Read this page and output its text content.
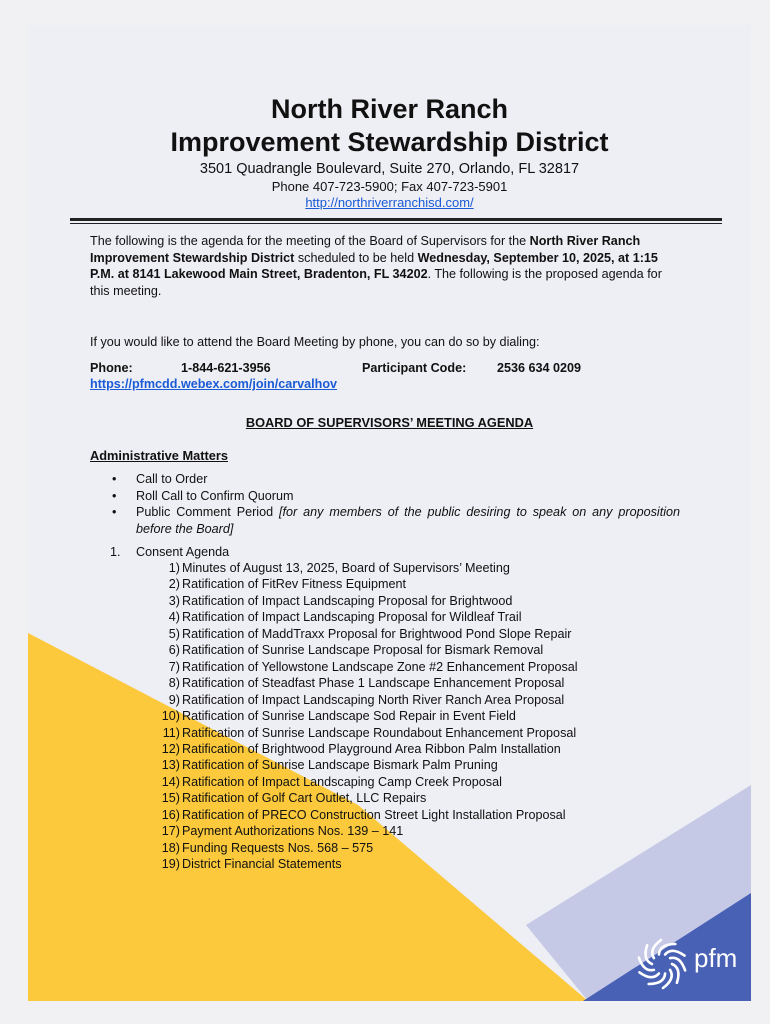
North River Ranch
Improvement Stewardship District
3501 Quadrangle Boulevard, Suite 270, Orlando, FL 32817
Phone 407-723-5900; Fax 407-723-5901
http://northriverranchisd.com/
The following is the agenda for the meeting of the Board of Supervisors for the North River Ranch Improvement Stewardship District scheduled to be held Wednesday, September 10, 2025, at 1:15 P.M. at 8141 Lakewood Main Street, Bradenton, FL 34202. The following is the proposed agenda for this meeting.
If you would like to attend the Board Meeting by phone, you can do so by dialing:
Phone:	1-844-621-3956	Participant Code: 2536 634 0209
https://pfmcdd.webex.com/join/carvalhov
BOARD OF SUPERVISORS’ MEETING AGENDA
Administrative Matters
• Call to Order
• Roll Call to Confirm Quorum
• Public Comment Period [for any members of the public desiring to speak on any proposition before the Board]
1. Consent Agenda
1) Minutes of August 13, 2025, Board of Supervisors’ Meeting
2) Ratification of FitRev Fitness Equipment
3) Ratification of Impact Landscaping Proposal for Brightwood
4) Ratification of Impact Landscaping Proposal for Wildleaf Trail
5) Ratification of MaddTraxx Proposal for Brightwood Pond Slope Repair
6) Ratification of Sunrise Landscape Proposal for Bismark Removal
7) Ratification of Yellowstone Landscape Zone #2 Enhancement Proposal
8) Ratification of Steadfast Phase 1 Landscape Enhancement Proposal
9) Ratification of Impact Landscaping North River Ranch Area Proposal
10) Ratification of Sunrise Landscape Sod Repair in Event Field
11) Ratification of Sunrise Landscape Roundabout Enhancement Proposal
12) Ratification of Brightwood Playground Area Ribbon Palm Installation
13) Ratification of Sunrise Landscape Bismark Palm Pruning
14) Ratification of Impact Landscaping Camp Creek Proposal
15) Ratification of Golf Cart Outlet, LLC Repairs
16) Ratification of PRECO Construction Street Light Installation Proposal
17) Payment Authorizations Nos. 139 – 141
18) Funding Requests Nos. 568 – 575
19) District Financial Statements
pfm
